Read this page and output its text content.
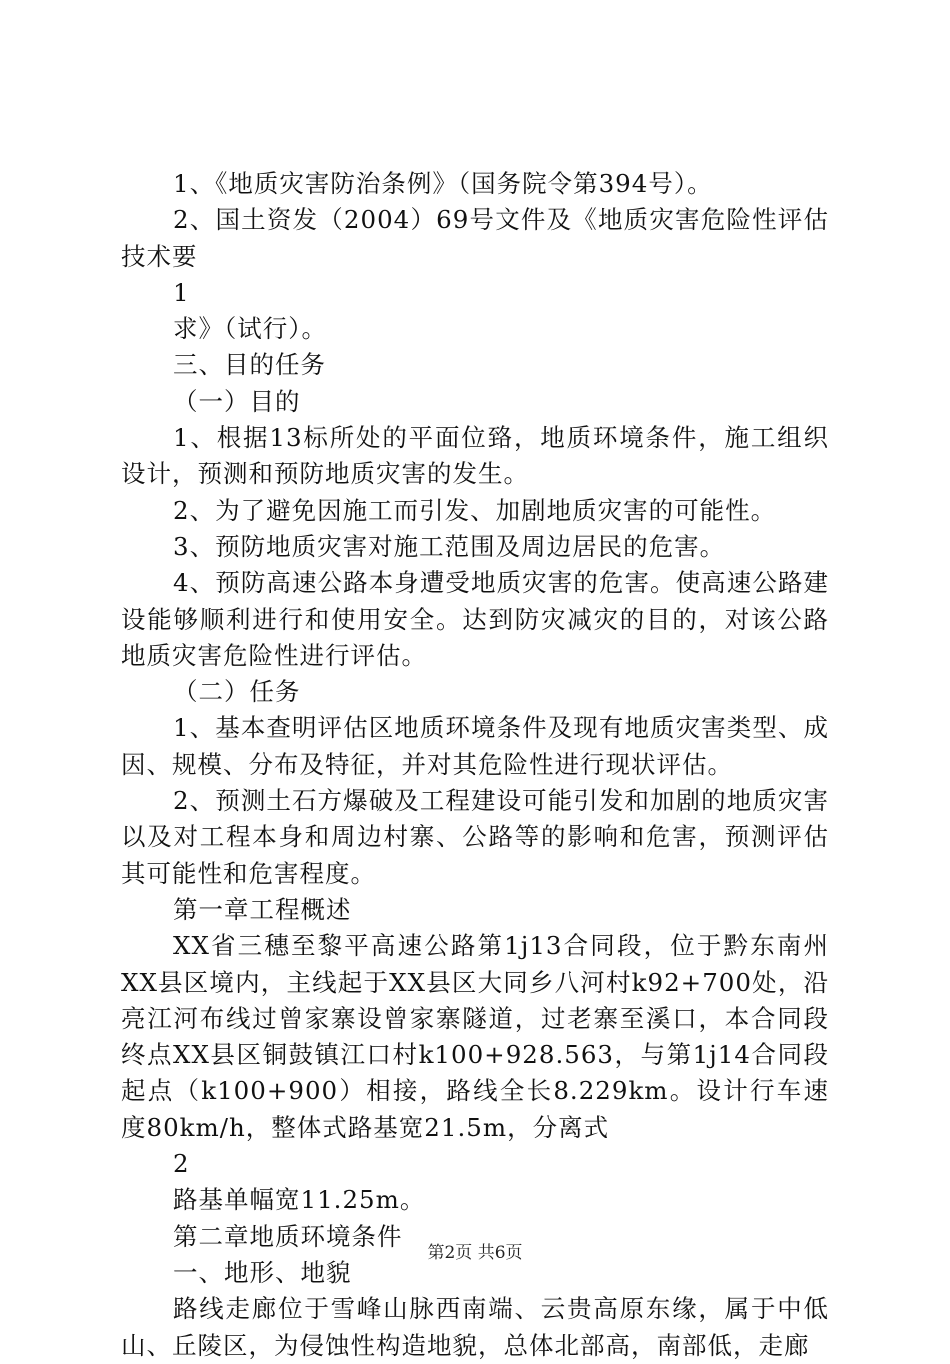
1、《地质灾害防治条例》（国务院令第394号）。

2、国土资发（2004）69号文件及《地质灾害危险性评估技术要

1

求》（试行）。

三、目的任务

（一）目的

1、根据13标所处的平面位臵，地质环境条件，施工组织设计，预测和预防地质灾害的发生。

2、为了避免因施工而引发、加剧地质灾害的可能性。

3、预防地质灾害对施工范围及周边居民的危害。

4、预防高速公路本身遭受地质灾害的危害。使高速公路建设能够顺利进行和使用安全。达到防灾减灾的目的，对该公路地质灾害危险性进行评估。

（二）任务

1、基本查明评估区地质环境条件及现有地质灾害类型、成因、规模、分布及特征，并对其危险性进行现状评估。

2、预测土石方爆破及工程建设可能引发和加剧的地质灾害以及对工程本身和周边村寨、公路等的影响和危害，预测评估其可能性和危害程度。

第一章工程概述

XX省三穗至黎平高速公路第1j13合同段，位于黔东南州XX县区境内，主线起于XX县区大同乡八河村k92+700处，沿亮江河布线过曾家寨设曾家寨隧道，过老寨至溪口，本合同段终点XX县区铜鼓镇江口村k100+928.563，与第1j14合同段起点（k100+900）相接，路线全长8.229km。设计行车速度80km/h，整体式路基宽21.5m，分离式

2

路基单幅宽11.25m。

第二章地质环境条件

一、地形、地貌

路线走廊位于雪峰山脉西南端、云贵高原东缘，属于中低山、丘陵区，为侵蚀性构造地貌，总体北部高，南部低，走廊

第2页 共6页
